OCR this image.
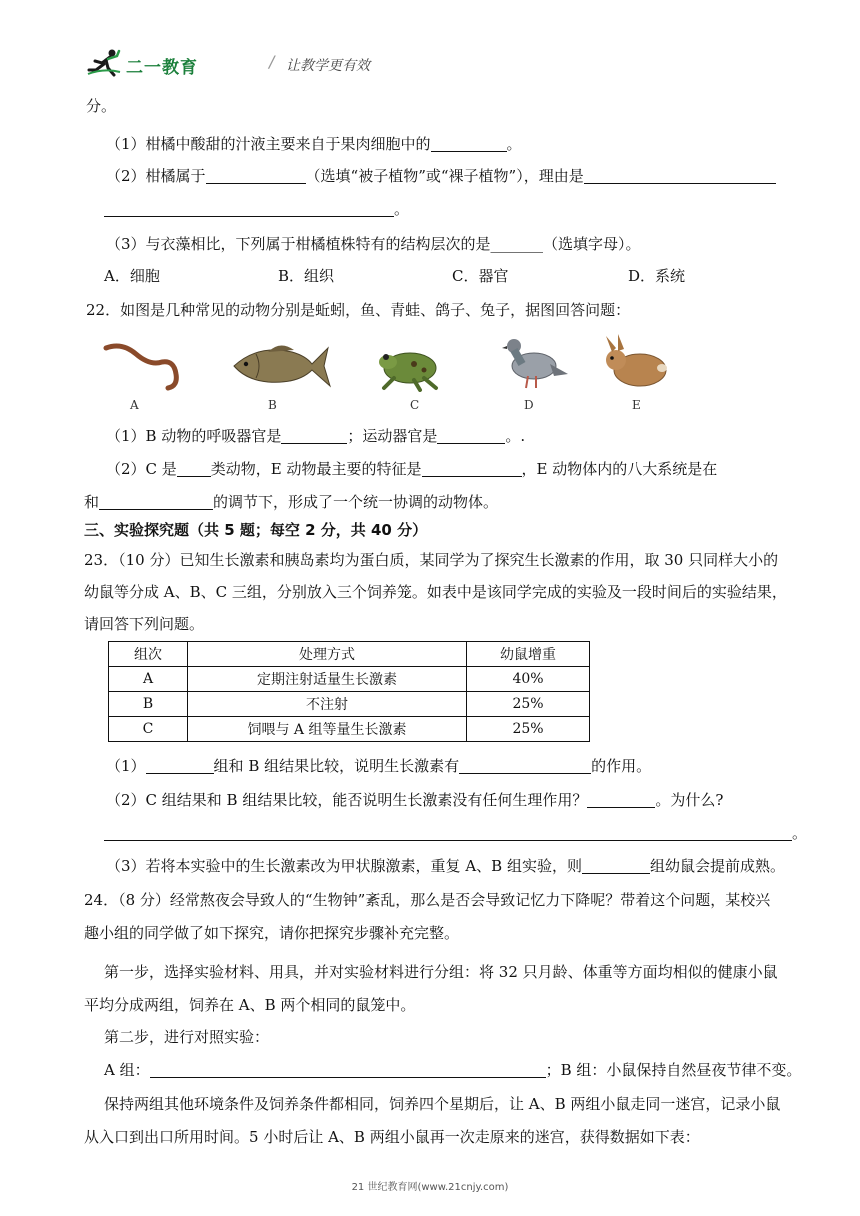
二一教育	/ 让教学更有效
分。
（1）柑橘中酸甜的汁液主要来自于果肉细胞中的	。
（2）柑橘属于	（选填“被子植物”或“裸子植物”），理由是
。
（3）与衣藻相比，下列属于柑橘植株特有的结构层次的是_______（选填字母）。
A．细胞	B．组织	C．器官	D．系统
22．如图是几种常见的动物分别是蚯蚓，鱼、青蛙、鸽子、兔子，据图回答问题：
A	B	C	D	E
（1）B 动物的呼吸器官是	；运动器官是	。.
（2）C 是 类动物，E 动物最主要的特征是	，E 动物体内的八大系统是在
和	的调节下，形成了一个统一协调的动物体。
三、实验探究题（共 5 题；每空 2 分，共 40 分）
23．（10 分）已知生长激素和胰岛素均为蛋白质，某同学为了探究生长激素的作用，取 30 只同样大小的
幼鼠等分成 A、B、C 三组，分别放入三个饲养笼。如表中是该同学完成的实验及一段时间后的实验结果，
请回答下列问题。
组次	处理方式	幼鼠增重
A	定期注射适量生长激素	40%
B	不注射	25%
C	饲喂与 A 组等量生长激素	25%
（1）	组和 B 组结果比较，说明生长激素有	的作用。
（2）C 组结果和 B 组结果比较，能否说明生长激素没有任何生理作用？	。为什么?
。
（3）若将本实验中的生长激素改为甲状腺激素，重复 A、B 组实验，则	组幼鼠会提前成熟。
24．（8 分）经常熬夜会导致人的“生物钟”紊乱，那么是否会导致记忆力下降呢？带着这个问题，某校兴
趣小组的同学做了如下探究，请你把探究步骤补充完整。
第一步，选择实验材料、用具，并对实验材料进行分组：将 32 只月龄、体重等方面均相似的健康小鼠
平均分成两组，饲养在 A、B 两个相同的鼠笼中。
第二步，进行对照实验：
A 组：	；B 组：小鼠保持自然昼夜节律不变。
保持两组其他环境条件及饲养条件都相同，饲养四个星期后，让 A、B 两组小鼠走同一迷宫，记录小鼠
从入口到出口所用时间。5 小时后让 A、B 两组小鼠再一次走原来的迷宫，获得数据如下表：
21 世纪教育网(www.21cnjy.com)
